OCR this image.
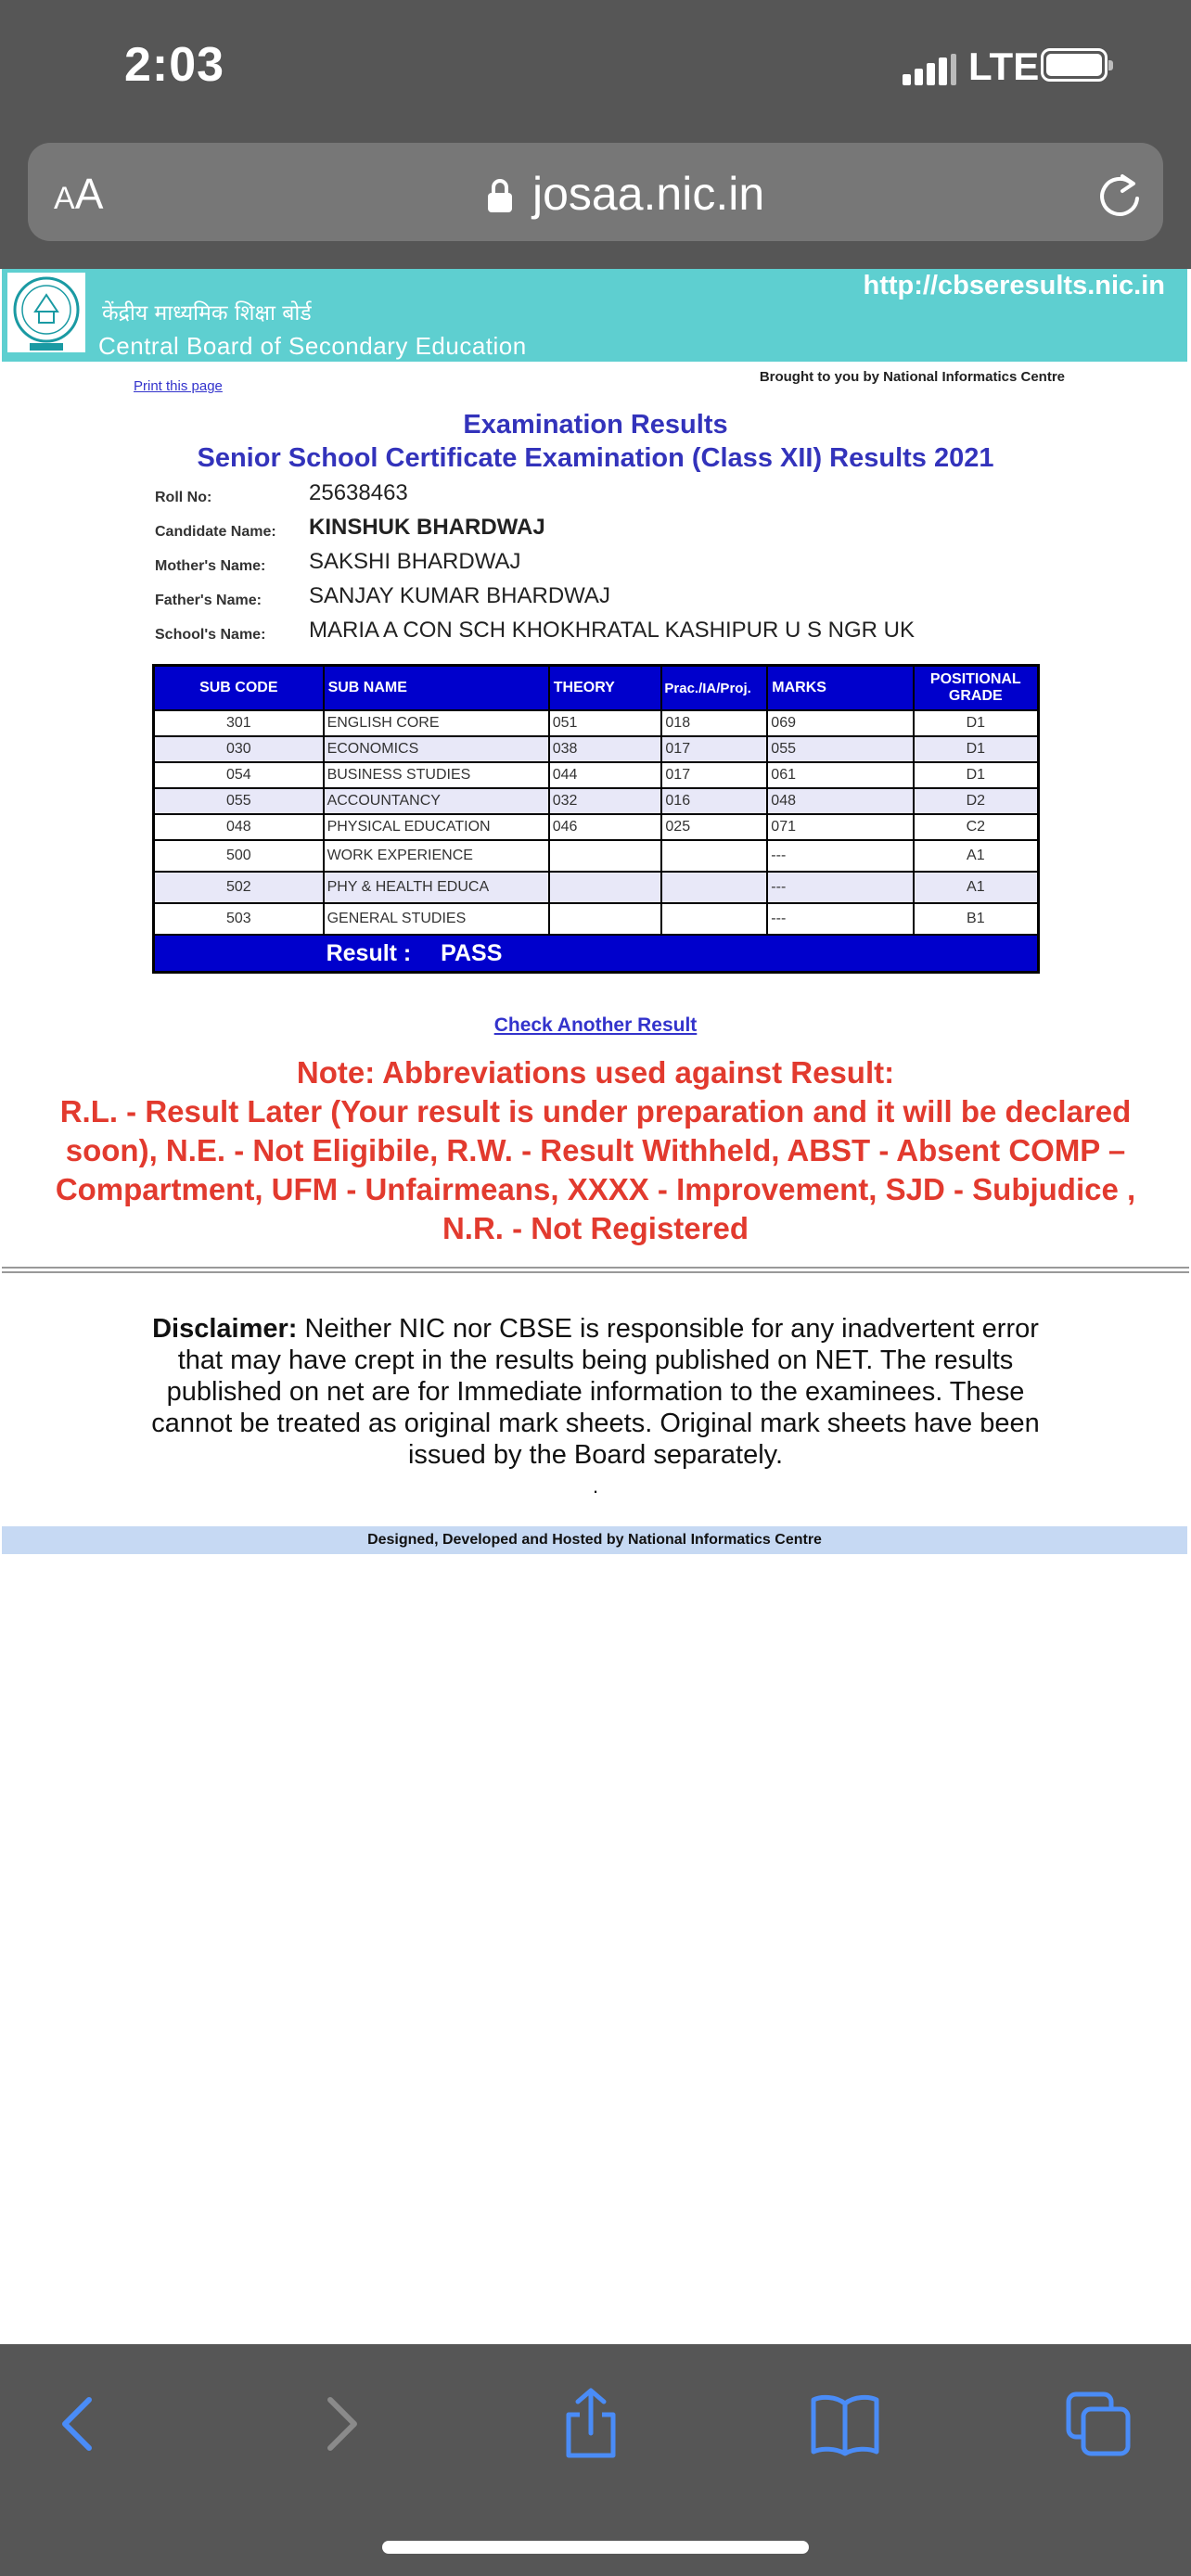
2:03	LTE
AA	josaa.nic.in
केंद्रीय माध्यमिक शिक्षा बोर्ड
Central Board of Secondary Education
http://cbseresults.nic.in
Print this page
Brought to you by National Informatics Centre
Examination Results
Senior School Certificate Examination (Class XII) Results 2021
Roll No:	25638463
Candidate Name: KINSHUK BHARDWAJ
Mother's Name: SAKSHI BHARDWAJ
Father's Name: SANJAY KUMAR BHARDWAJ
School's Name: MARIA A CON SCH KHOKHRATAL KASHIPUR U S NGR UK
SUB CODE	SUB NAME	THEORY	Prac./IA/Proj.	MARKS	POSITIONAL GRADE
301	ENGLISH CORE	051	018	069	D1
030	ECONOMICS	038	017	055	D1
054	BUSINESS STUDIES	044	017	061	D1
055	ACCOUNTANCY	032	016	048	D2
048	PHYSICAL EDUCATION	046	025	071	C2
500	WORK EXPERIENCE			---	A1
502	PHY & HEALTH EDUCA			---	A1
503	GENERAL STUDIES			---	B1
	Result : PASS				
Check Another Result
Note: Abbreviations used against Result:
R.L. - Result Later (Your result is under preparation and it will be declared soon), N.E. - Not Eligibile, R.W. - Result Withheld, ABST - Absent COMP – Compartment, UFM - Unfairmeans, XXXX - Improvement, SJD - Subjudice , N.R. - Not Registered
Disclaimer: Neither NIC nor CBSE is responsible for any inadvertent error that may have crept in the results being published on NET. The results published on net are for Immediate information to the examinees. These cannot be treated as original mark sheets. Original mark sheets have been issued by the Board separately.
.
Designed, Developed and Hosted by National Informatics Centre
